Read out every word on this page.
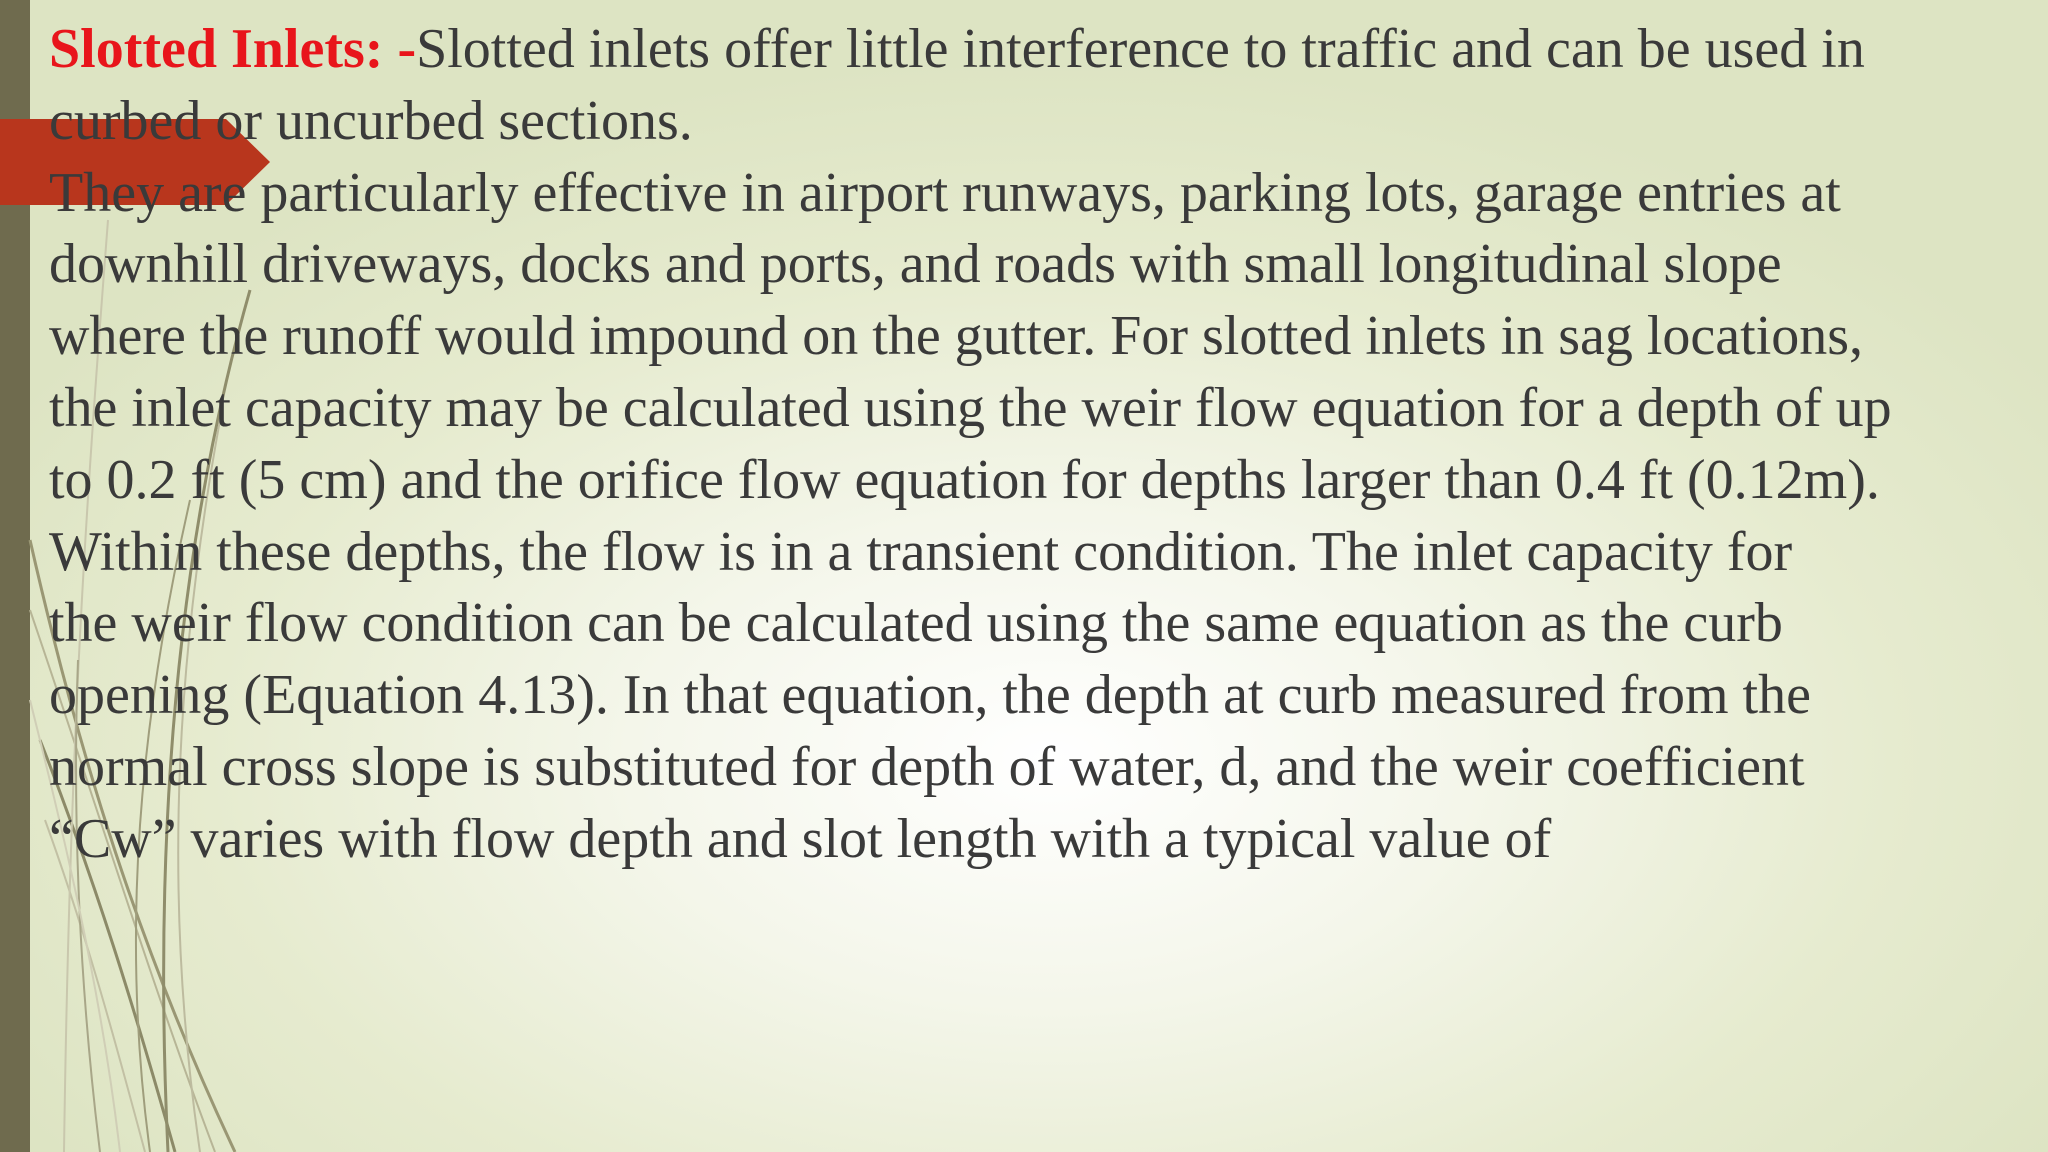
Slotted Inlets: -Slotted inlets offer little interference to traffic and can be used in
curbed or uncurbed sections.
They are particularly effective in airport runways, parking lots, garage entries at
downhill driveways, docks and ports, and roads with small longitudinal slope
where the runoff would impound on the gutter. For slotted inlets in sag locations,
the inlet capacity may be calculated using the weir flow equation for a depth of up
to 0.2 ft (5 cm) and the orifice flow equation for depths larger than 0.4 ft (0.12m).
Within these depths, the flow is in a transient condition. The inlet capacity for
the weir flow condition can be calculated using the same equation as the curb
opening (Equation 4.13). In that equation, the depth at curb measured from the
normal cross slope is substituted for depth of water, d, and the weir coefficient
“Cw” varies with flow depth and slot length with a typical value of
